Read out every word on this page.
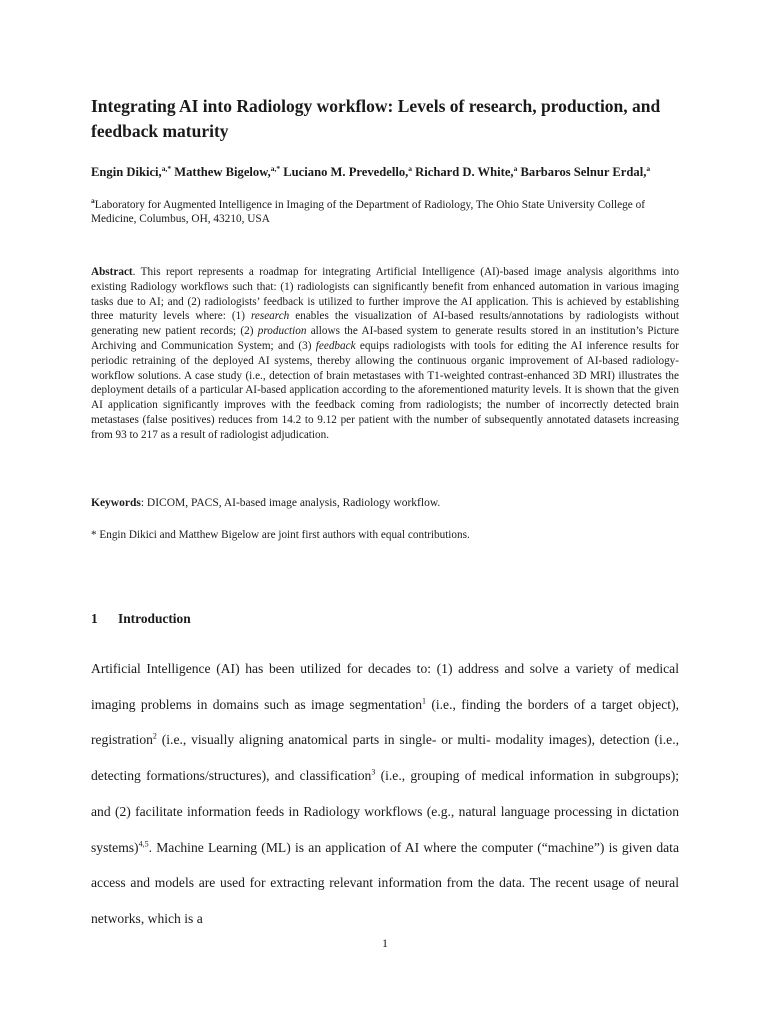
Integrating AI into Radiology workflow: Levels of research, production, and feedback maturity
Engin Dikici,$^{a,*}$ Matthew Bigelow,$^{a,*}$ Luciano M. Prevedello,$^a$ Richard D. White,$^a$ Barbaros Selnur Erdal,$^a$
$^a$Laboratory for Augmented Intelligence in Imaging of the Department of Radiology, The Ohio State University College of Medicine, Columbus, OH, 43210, USA
Abstract. This report represents a roadmap for integrating Artificial Intelligence (AI)-based image analysis algorithms into existing Radiology workflows such that: (1) radiologists can significantly benefit from enhanced automation in various imaging tasks due to AI; and (2) radiologists’ feedback is utilized to further improve the AI application. This is achieved by establishing three maturity levels where: (1) research enables the visualization of AI-based results/annotations by radiologists without generating new patient records; (2) production allows the AI-based system to generate results stored in an institution’s Picture Archiving and Communication System; and (3) feedback equips radiologists with tools for editing the AI inference results for periodic retraining of the deployed AI systems, thereby allowing the continuous organic improvement of AI-based radiology-workflow solutions. A case study (i.e., detection of brain metastases with T1-weighted contrast-enhanced 3D MRI) illustrates the deployment details of a particular AI-based application according to the aforementioned maturity levels. It is shown that the given AI application significantly improves with the feedback coming from radiologists; the number of incorrectly detected brain metastases (false positives) reduces from 14.2 to 9.12 per patient with the number of subsequently annotated datasets increasing from 93 to 217 as a result of radiologist adjudication.
Keywords: DICOM, PACS, AI-based image analysis, Radiology workflow.
* Engin Dikici and Matthew Bigelow are joint first authors with equal contributions.
1 Introduction
Artificial Intelligence (AI) has been utilized for decades to: (1) address and solve a variety of medical imaging problems in domains such as image segmentation$^1$ (i.e., finding the borders of a target object), registration$^2$ (i.e., visually aligning anatomical parts in single- or multi- modality images), detection (i.e., detecting formations/structures), and classification$^3$ (i.e., grouping of medical information in subgroups); and (2) facilitate information feeds in Radiology workflows (e.g., natural language processing in dictation systems)$^{4,5}$. Machine Learning (ML) is an application of AI where the computer (“machine”) is given data access and models are used for extracting relevant information from the data. The recent usage of neural networks, which is a
1
